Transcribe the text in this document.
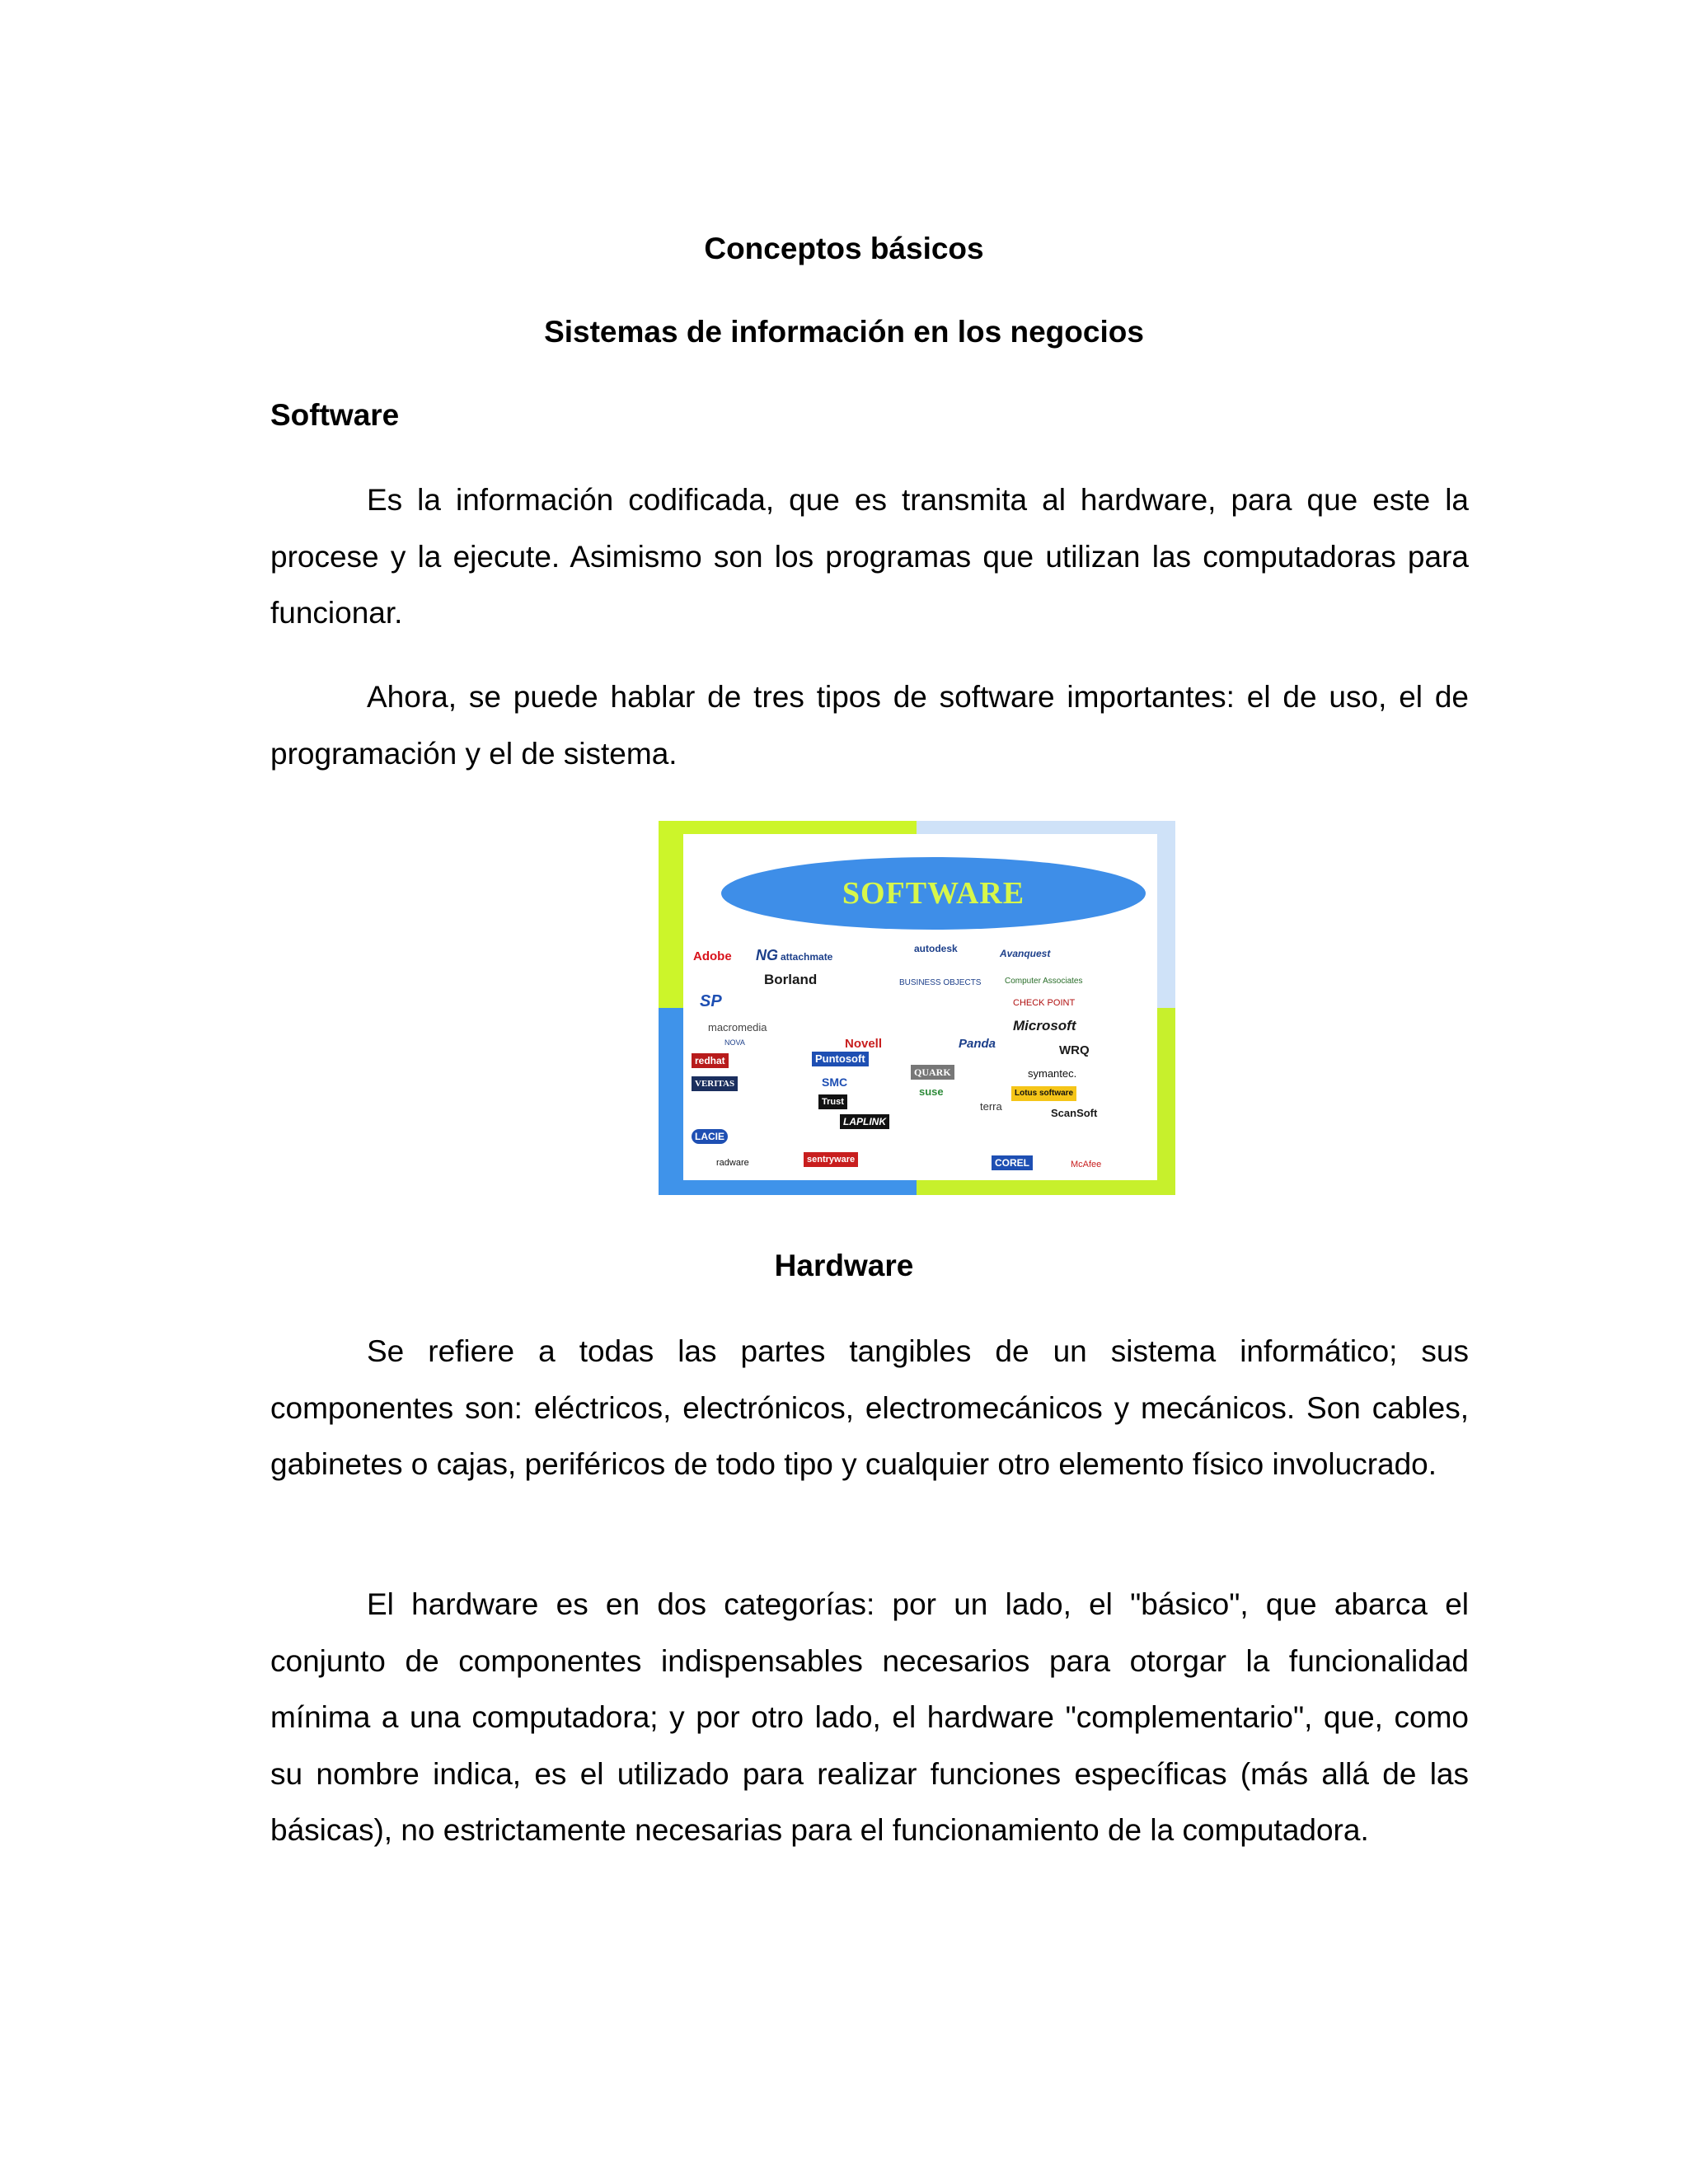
Conceptos básicos
Sistemas de información en los negocios
Software

Es la información codificada, que es transmita al hardware, para que este la procese y la ejecute. Asimismo son los programas que utilizan las computadoras para funcionar.

Ahora, se puede hablar de tres tipos de software importantes: el de uso, el de programación y el de sistema.

SOFTWARE
Adobe NG attachmate
autodesk	Avanquest
Borland	BUSINESS OBJECTS	Computer Associates
SP	CHECK POINT
macromedia	Microsoft
NOVA	Novell	Panda	WRQ
redhat	Puntosoft
QUARK	symantec.
VERITAS	SMC
suse	Lotus software
Trust	terra
ScanSoft
LAPLINK
LACIE
radware	sentryware	COREL	McAfee
Hardware

Se refiere a todas las partes tangibles de un sistema informático; sus componentes son: eléctricos, electrónicos, electromecánicos y mecánicos. Son cables, gabinetes o cajas, periféricos de todo tipo y cualquier otro elemento físico involucrado.

El hardware es en dos categorías: por un lado, el "básico", que abarca el conjunto de componentes indispensables necesarios para otorgar la funcionalidad mínima a una computadora; y por otro lado, el hardware "complementario", que, como su nombre indica, es el utilizado para realizar funciones específicas (más allá de las básicas), no estrictamente necesarias para el funcionamiento de la computadora.
